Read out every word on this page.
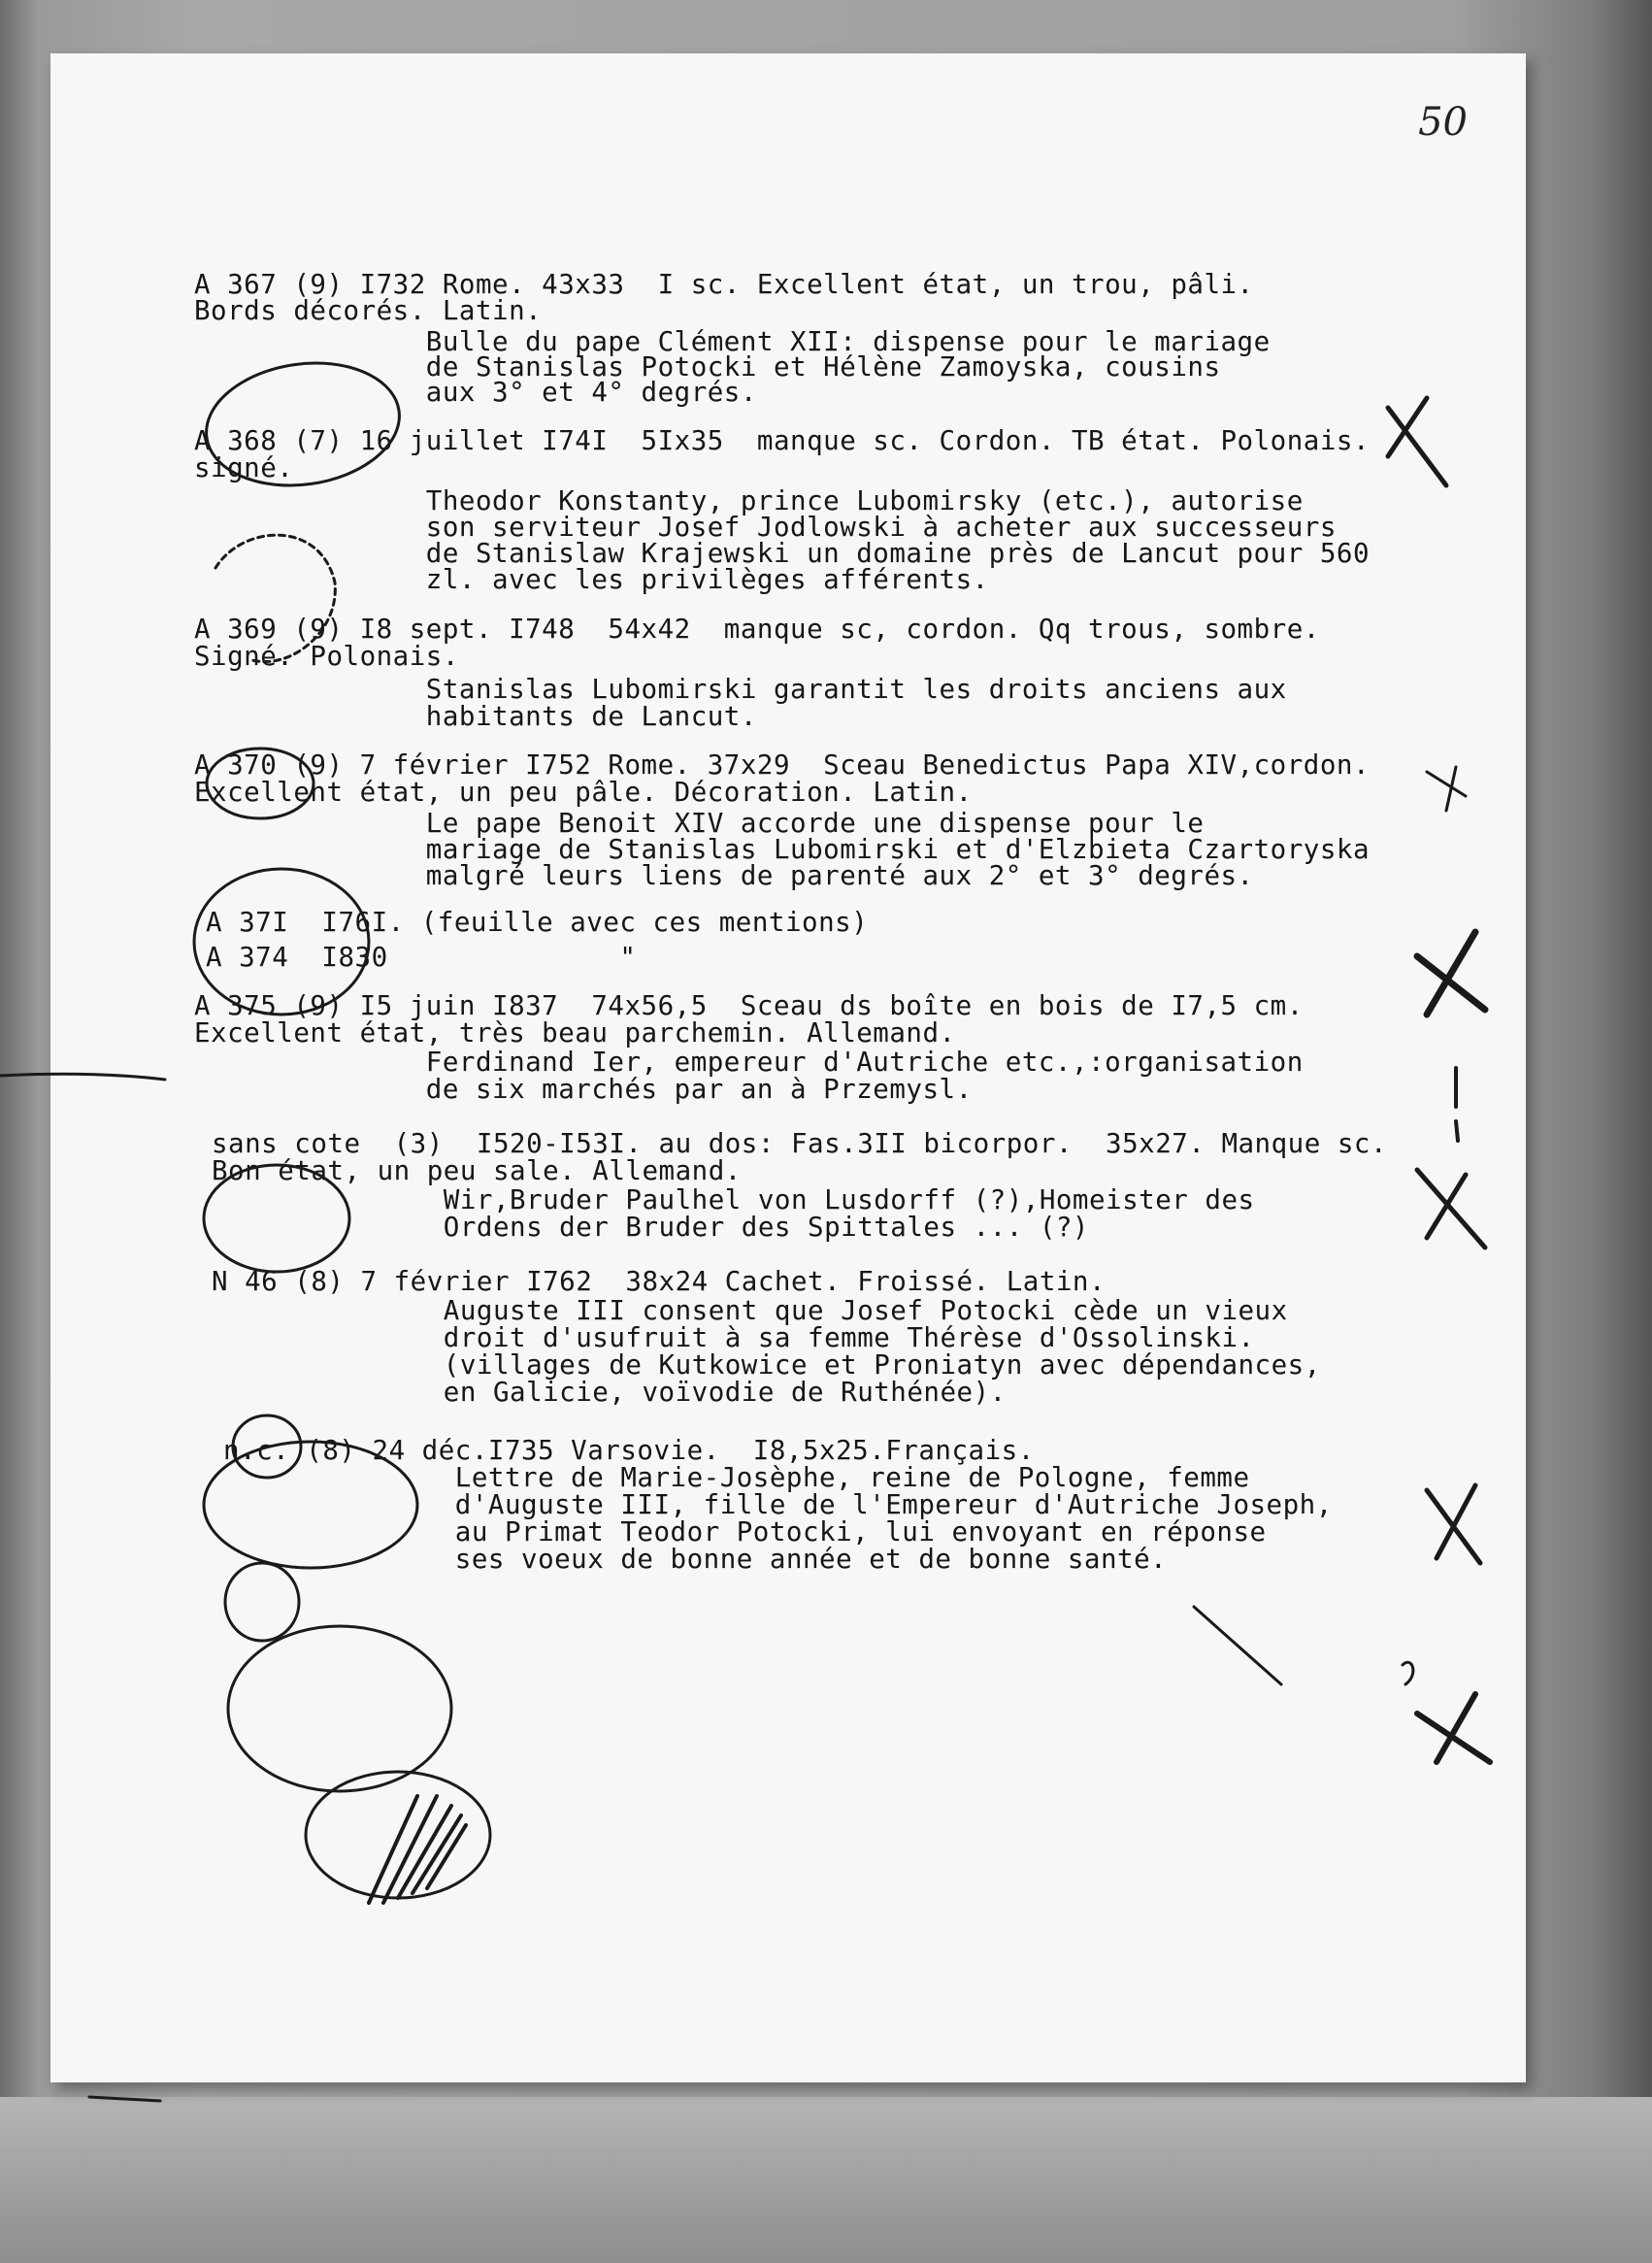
50
A 367 (9) I732 Rome. 43x33  I sc. Excellent état, un trou, pâli.
Bords décorés. Latin.
Bulle du pape Clément XII: dispense pour le mariage
de Stanislas Potocki et Hélène Zamoyska, cousins
aux 3° et 4° degrés.
A 368 (7) 16 juillet I74I  5Ix35  manque sc. Cordon. TB état. Polonais.
signé.
Theodor Konstanty, prince Lubomirsky (etc.), autorise
son serviteur Josef Jodlowski à acheter aux successeurs
de Stanislaw Krajewski un domaine près de Lancut pour 560
zl. avec les privilèges afférents.
A 369 (9) I8 sept. I748  54x42  manque sc, cordon. Qq trous, sombre.
Signé. Polonais.
Stanislas Lubomirski garantit les droits anciens aux
habitants de Lancut.
A 370 (9) 7 février I752 Rome. 37x29  Sceau Benedictus Papa XIV,cordon.
Excellent état, un peu pâle. Décoration. Latin.
Le pape Benoit XIV accorde une dispense pour le
mariage de Stanislas Lubomirski et d'Elzbieta Czartoryska
malgré leurs liens de parenté aux 2° et 3° degrés.
A 37I  I76I. (feuille avec ces mentions)
A 374  I830              "
A 375 (9) I5 juin I837  74x56,5  Sceau ds boîte en bois de I7,5 cm.
Excellent état, très beau parchemin. Allemand.
Ferdinand Ier, empereur d'Autriche etc.,:organisation
de six marchés par an à Przemysl.
sans cote  (3)  I520-I53I. au dos: Fas.3II bicorpor.  35x27. Manque sc.
Bon état, un peu sale. Allemand.
Wir,Bruder Paulhel von Lusdorff (?),Homeister des
Ordens der Bruder des Spittales ... (?)
N 46 (8) 7 février I762  38x24 Cachet. Froissé. Latin.
Auguste III consent que Josef Potocki cède un vieux
droit d'usufruit à sa femme Thérèse d'Ossolinski.
(villages de Kutkowice et Proniatyn avec dépendances,
en Galicie, voïvodie de Ruthénée).
n.c. (8) 24 déc.I735 Varsovie.  I8,5x25.Français.
Lettre de Marie-Josèphe, reine de Pologne, femme
d'Auguste III, fille de l'Empereur d'Autriche Joseph,
au Primat Teodor Potocki, lui envoyant en réponse
ses voeux de bonne année et de bonne santé.
